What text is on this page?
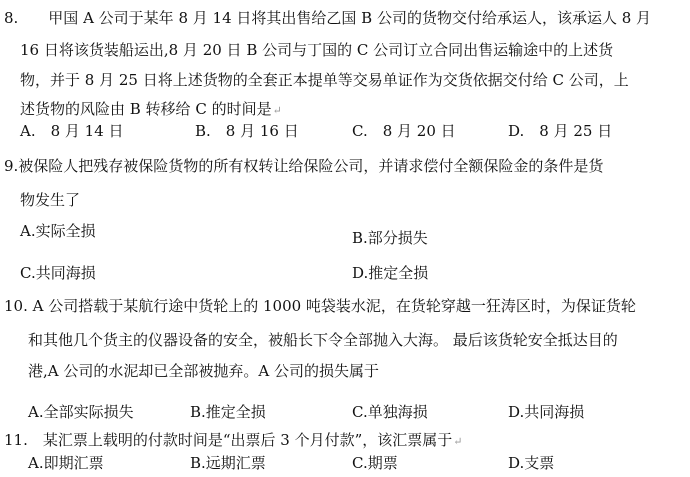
8.　　甲国 A 公司于某年 8 月 14 日将其出售给乙国 B 公司的货物交付给承运人，该承运人 8 月
16 日将该货装船运出,8 月 20 日 B 公司与丁国的 C 公司订立合同出售运输途中的上述货
物，并于 8 月 25 日将上述货物的全套正本提单等交易单证作为交货依据交付给 C 公司，上
述货物的风险由 B 转移给 C 的时间是↵
A.　8 月 14 日	B.　8 月 16 日	C.　8 月 20 日	D.　8 月 25 日
9.被保险人把残存被保险货物的所有权转让给保险公司，并请求偿付全额保险金的条件是货
物发生了
A.实际全损	B.部分损失
C.共同海损	D.推定全损
10. A 公司搭载于某航行途中货轮上的 1000 吨袋装水泥，在货轮穿越一狂涛区时，为保证货轮
和其他几个货主的仪器设备的安全，被船长下令全部抛入大海。 最后该货轮安全抵达目的
港,A 公司的水泥却已全部被抛弃。A 公司的损失属于
A.全部实际损失	B.推定全损	C.单独海损	D.共同海损
11.　某汇票上载明的付款时间是“出票后 3 个月付款”，该汇票属于↵
A.即期汇票	B.远期汇票	C.期票	D.支票
